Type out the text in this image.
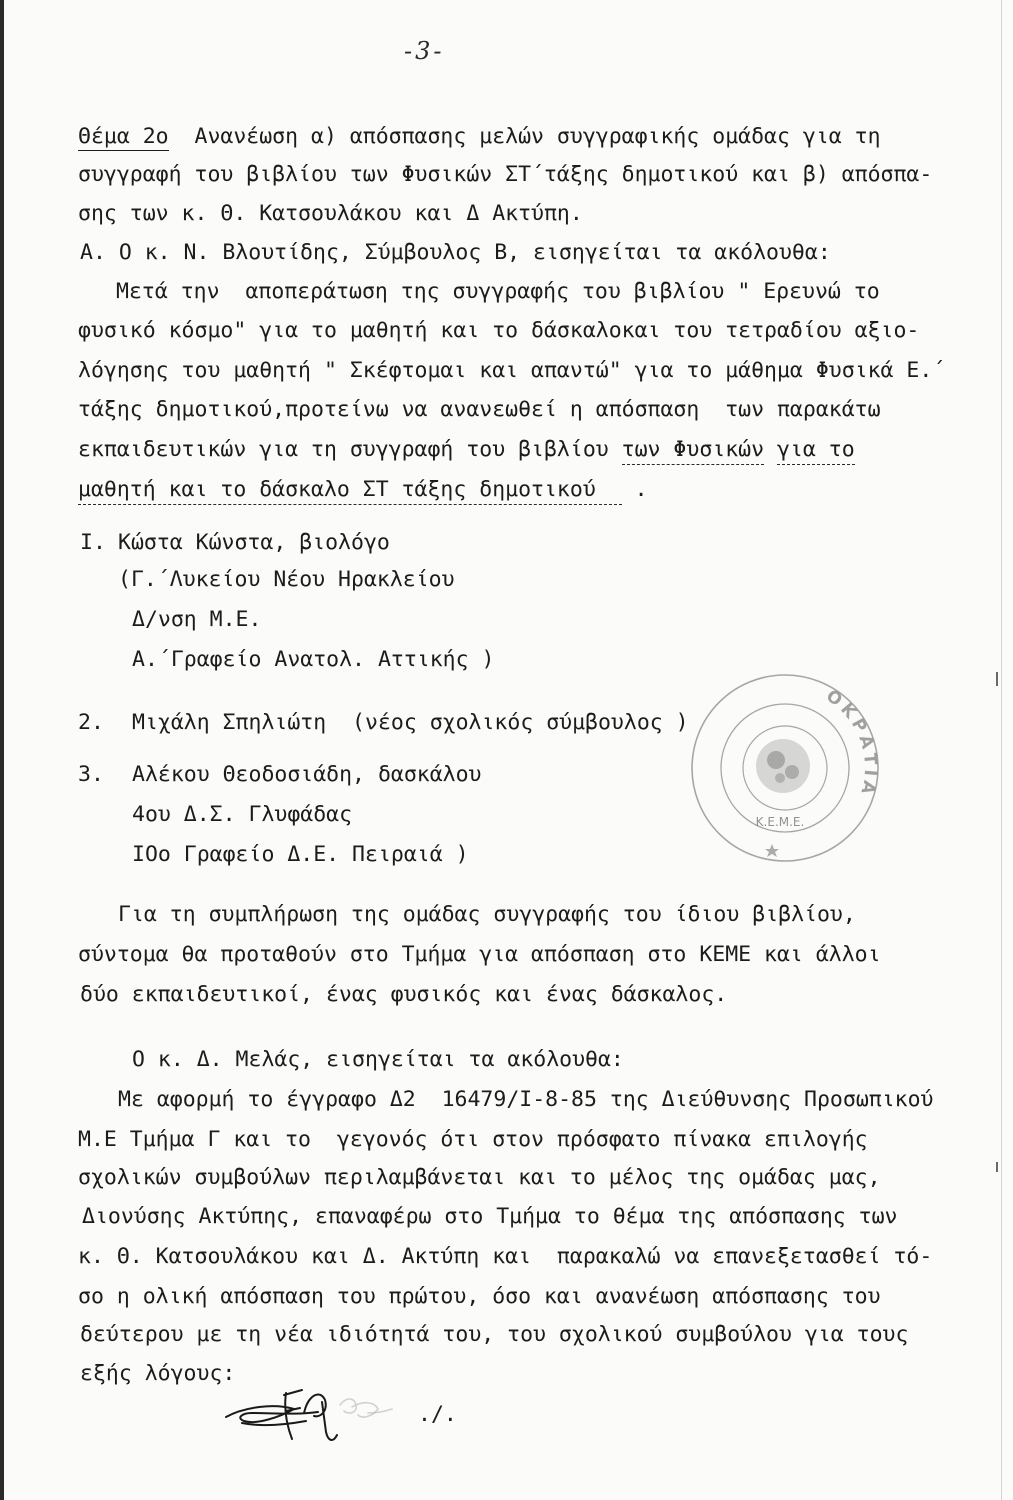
-3-
Θέμα 2ο  Ανανέωση α) απόσπασης μελών συγγραφικής ομάδας για τη
συγγραφή του βιβλίου των Φυσικών ΣΤ΄τάξης δημοτικού και β) απόσπα-
σης των κ. Θ. Κατσουλάκου και Δ Ακτύπη.
Α. Ο κ. Ν. Βλουτίδης, Σύμβουλος Β, εισηγείται τα ακόλουθα:
Μετά την  αποπεράτωση της συγγραφής του βιβλίου " Ερευνώ το
φυσικό κόσμο" για το μαθητή και το δάσκαλοκαι του τετραδίου αξιο-
λόγησης του μαθητή " Σκέφτομαι και απαντώ" για το μάθημα Φυσικά Ε.΄
τάξης δημοτικού,προτείνω να ανανεωθεί η απόσπαση  των παρακάτω
εκπαιδευτικών για τη συγγραφή του βιβλίου των Φυσικών για το
μαθητή και το δάσκαλο ΣΤ τάξης δημοτικού   .
I. Κώστα Κώνστα, βιολόγο
(Γ.΄Λυκείου Νέου Ηρακλείου
Δ/νση Μ.Ε.
Α.΄Γραφείο Ανατολ. Αττικής )
2. Μιχάλη Σπηλιώτη  (νέος σχολικός σύμβουλος )
3. Αλέκου Θεοδοσιάδη, δασκάλου
4ου Δ.Σ. Γλυφάδας
IOo Γραφείο Δ.Ε. Πειραιά )
ΟΚΡΑΤΙΑ
Κ.Ε.Μ.Ε.
Για τη συμπλήρωση της ομάδας συγγραφής του ίδιου βιβλίου,
σύντομα θα προταθούν στο Τμήμα για απόσπαση στο ΚΕΜΕ και άλλοι
δύο εκπαιδευτικοί, ένας φυσικός και ένας δάσκαλος.
Ο κ. Δ. Μελάς, εισηγείται τα ακόλουθα:
Με αφορμή το έγγραφο Δ2  16479/I-8-85 της Διεύθυνσης Προσωπικού
Μ.Ε Τμήμα Γ και το  γεγονός ότι στον πρόσφατο πίνακα επιλογής
σχολικών συμβούλων περιλαμβάνεται και το μέλος της ομάδας μας,
Διονύσης Ακτύπης, επαναφέρω στο Τμήμα το θέμα της απόσπασης των
κ. Θ. Κατσουλάκου και Δ. Ακτύπη και  παρακαλώ να επανεξετασθεί τό-
σο η ολική απόσπαση του πρώτου, όσο και ανανέωση απόσπασης του
δεύτερου με τη νέα ιδιότητά του, του σχολικού συμβούλου για τους
εξής λόγους:
./.
